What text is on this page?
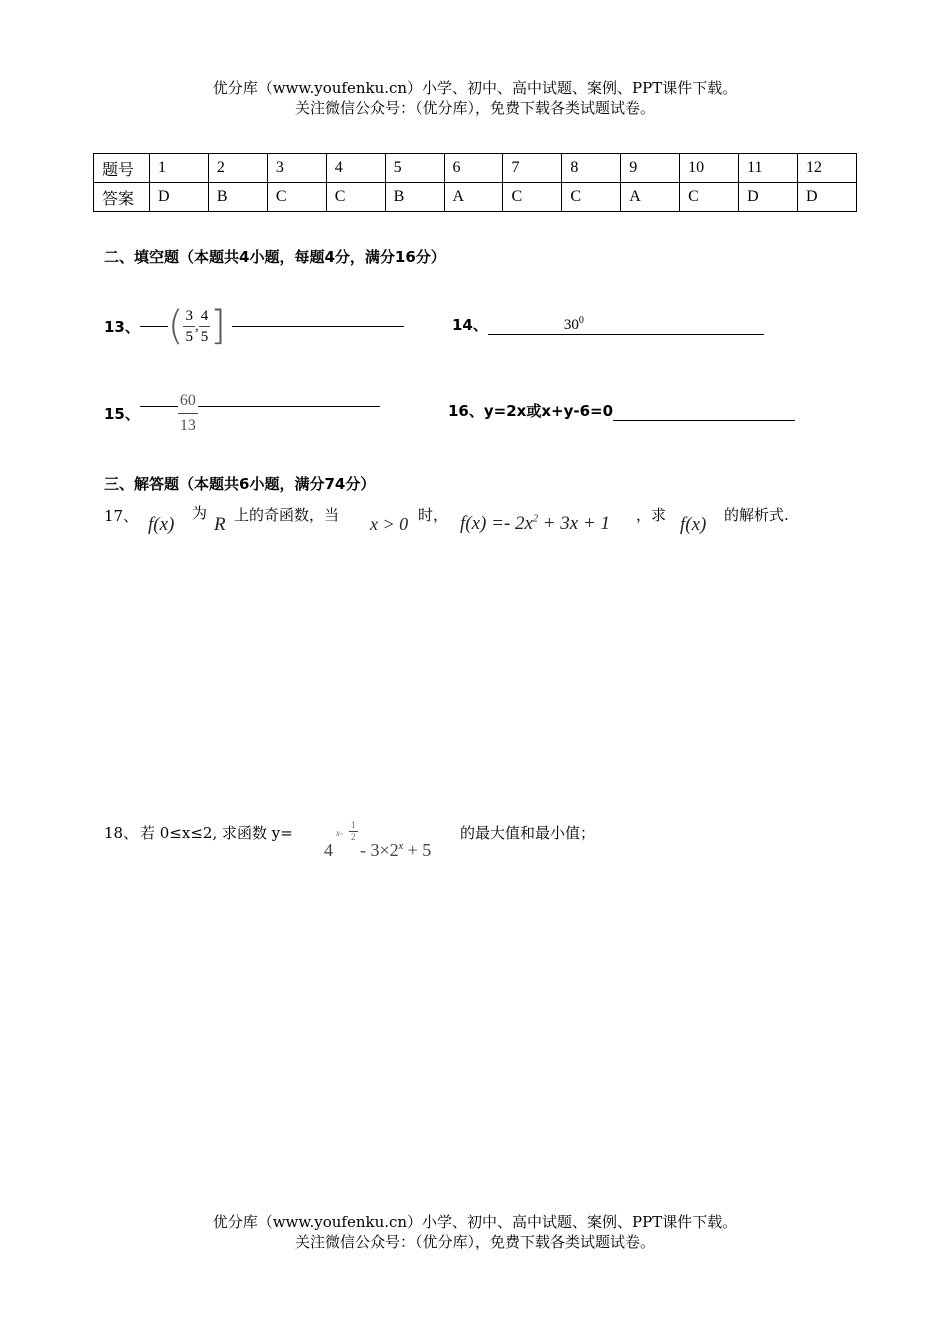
优分库（www.youfenku.cn）小学、初中、高中试题、案例、PPT课件下载。
关注微信公众号：（优分库），免费下载各类试题试卷。
题号	1	2	3	4	5	6	7	8	9	10	11	12
答案	D	B	C	C	B	A	C	C	A	C	D	D
二、填空题（本题共4小题，每题4分，满分16分）
13、 ( $\frac{3}{5}$ , $\frac{4}{5}$ ]	14、	$30^0$
15、 $\frac{60}{13}$	16、y=2x或x+y-6=0
三、解答题（本题共6小题，满分74分）
17、 f(x)
为
R 上的奇函数，当 x > 0 时， $f(x) =- 2x^2 + 3x + 1$ ，求 f(x) 的解析式.
18、 若 0≤x≤2, 求函数 y=
4
$x- \frac{1}{2}$
- $3\times 2^x + 5$
的最大值和最小值；
优分库（www.youfenku.cn）小学、初中、高中试题、案例、PPT课件下载。
关注微信公众号：（优分库），免费下载各类试题试卷。
